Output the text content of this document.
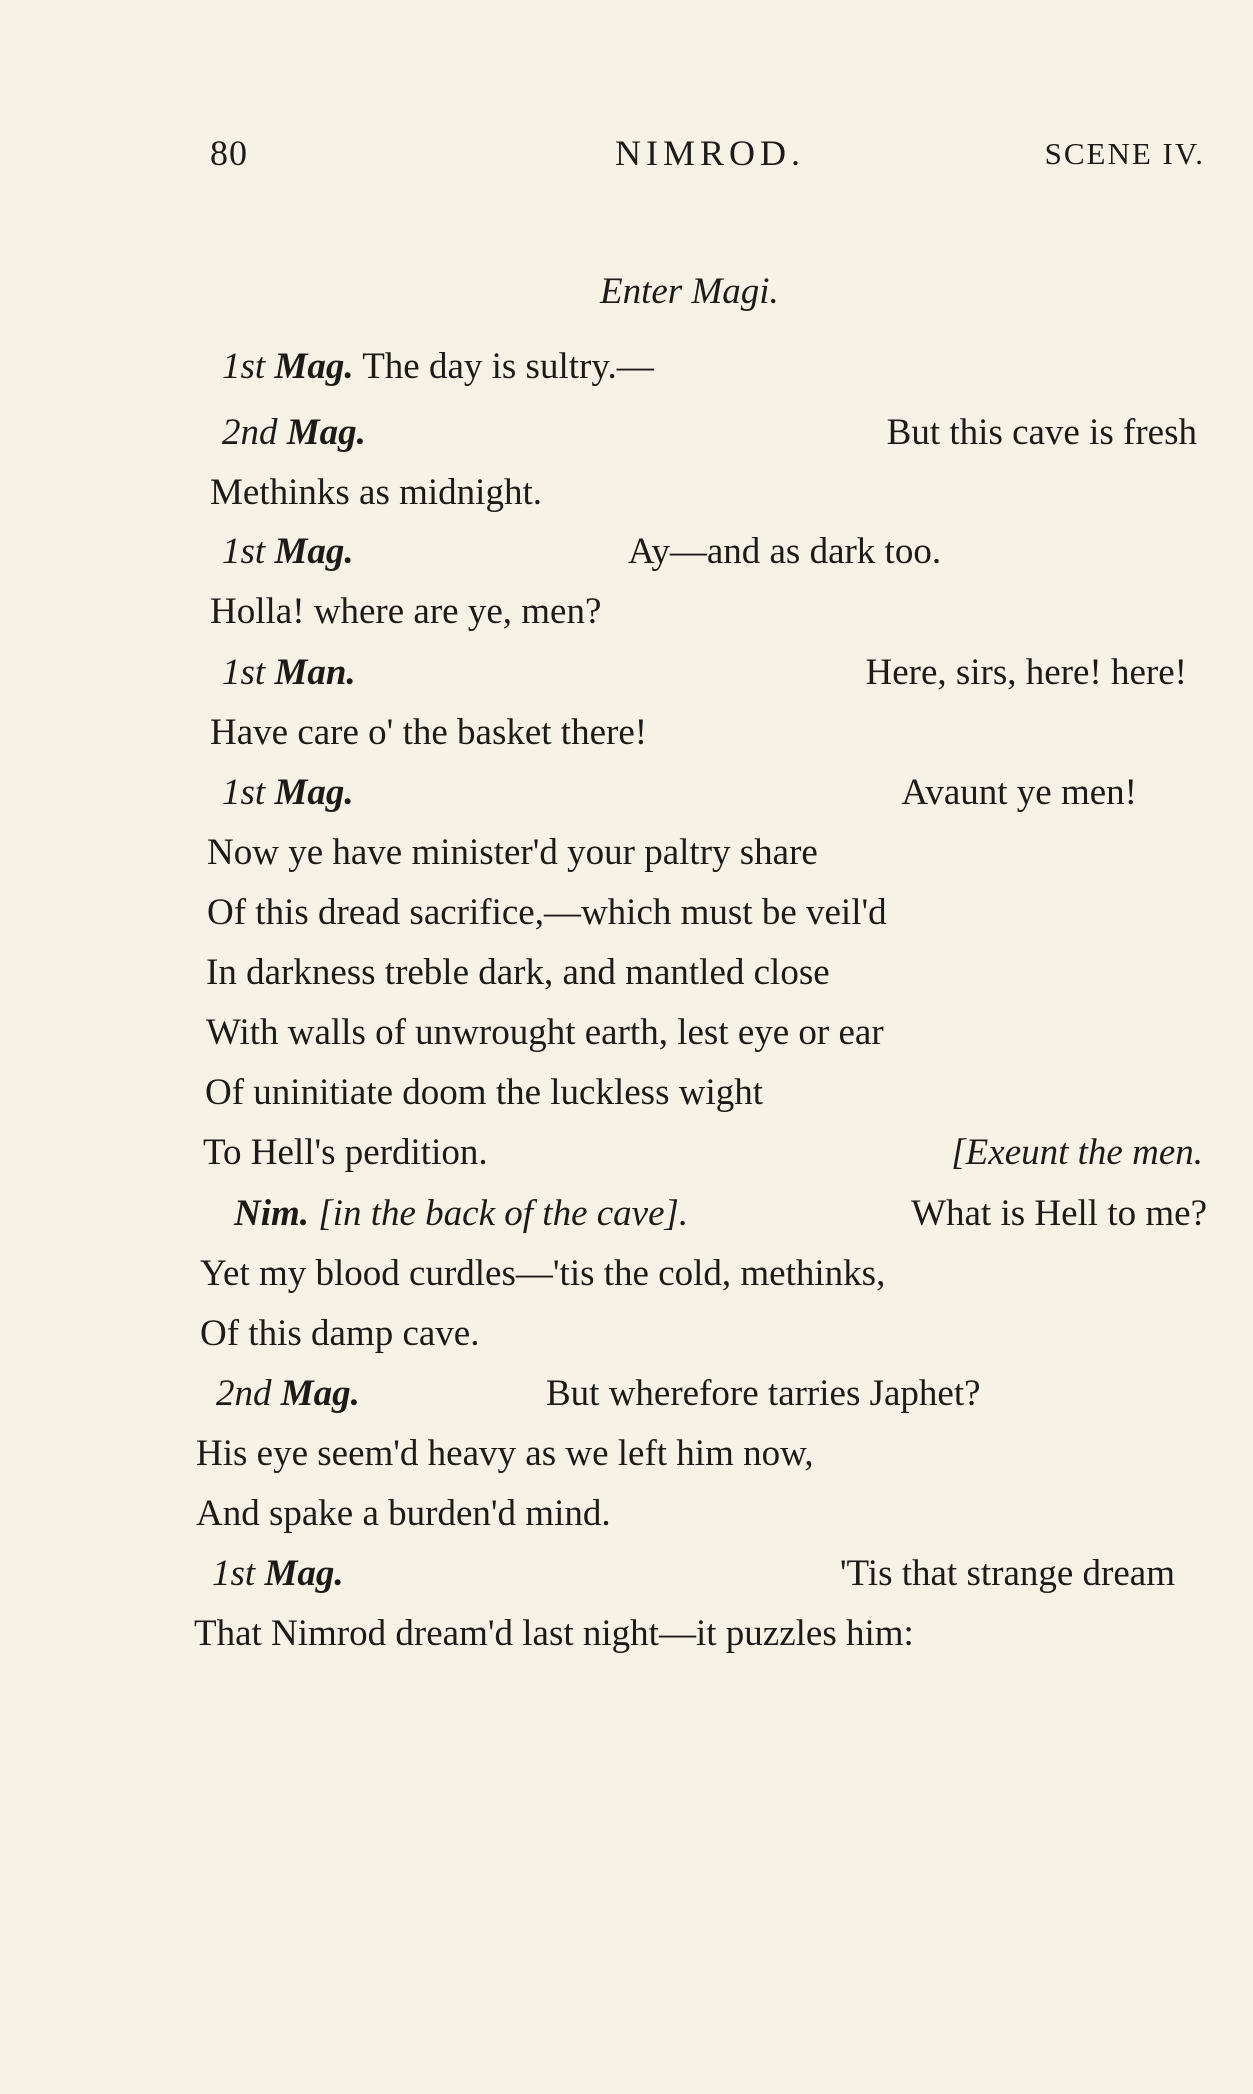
80	NIMROD.	SCENE IV.
Enter Magi.
1st Mag. The day is sultry.—
2nd Mag.	But this cave is fresh
Methinks as midnight.
1st Mag.	Ay—and as dark too.
Holla! where are ye, men?
1st Man.	Here, sirs, here! here!
Have care o' the basket there!
1st Mag.	Avaunt ye men!
Now ye have minister'd your paltry share
Of this dread sacrifice,—which must be veil'd
In darkness treble dark, and mantled close
With walls of unwrought earth, lest eye or ear
Of uninitiate doom the luckless wight
To Hell's perdition.	[Exeunt the men.
Nim. [in the back of the cave].	What is Hell to me?
Yet my blood curdles—'tis the cold, methinks,
Of this damp cave.
2nd Mag.	But wherefore tarries Japhet?
His eye seem'd heavy as we left him now,
And spake a burden'd mind.
1st Mag.	'Tis that strange dream
That Nimrod dream'd last night—it puzzles him:
